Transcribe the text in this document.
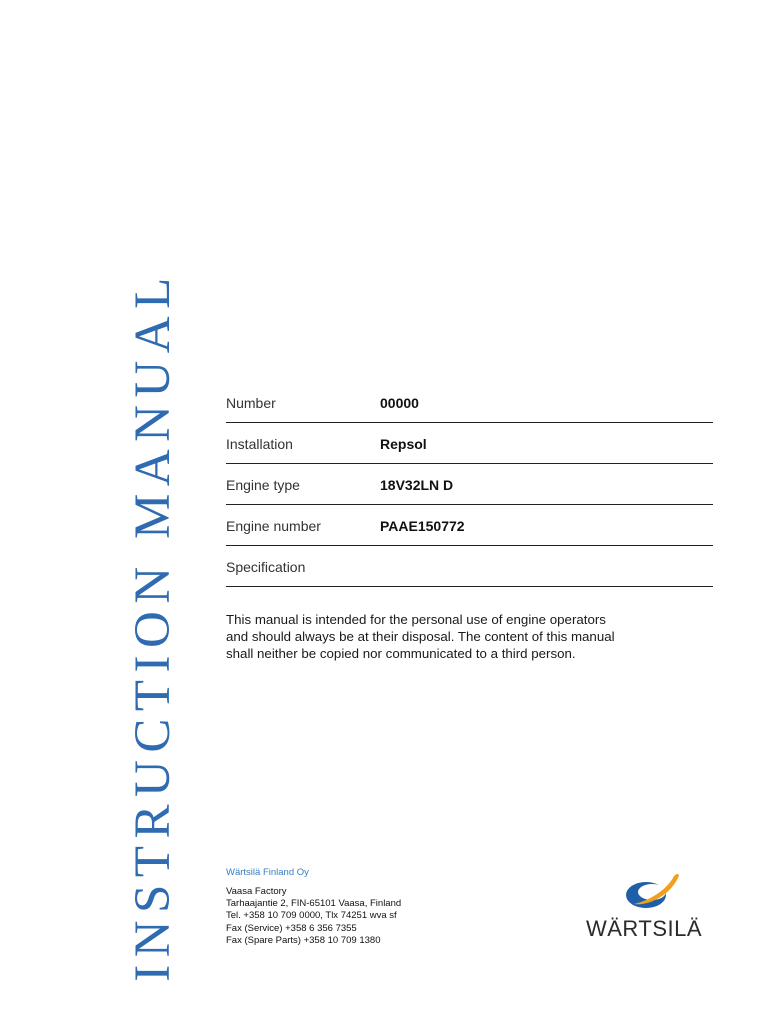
INSTRUCTION MANUAL	Number	00000
Installation	Repsol
Engine type	18V32LN D
Engine number	PAAE150772
Specification
This manual is intended for the personal use of engine operators
and should always be at their disposal. The content of this manual
shall neither be copied nor communicated to a third person.
Wärtsilä Finland Oy
Vaasa Factory
Tarhaajantie 2, FIN-65101 Vaasa, Finland
Tel. +358 10 709 0000, Tlx 74251 wva sf
Fax (Service) +358 6 356 7355
Fax (Spare Parts) +358 10 709 1380	WÄRTSILÄ
